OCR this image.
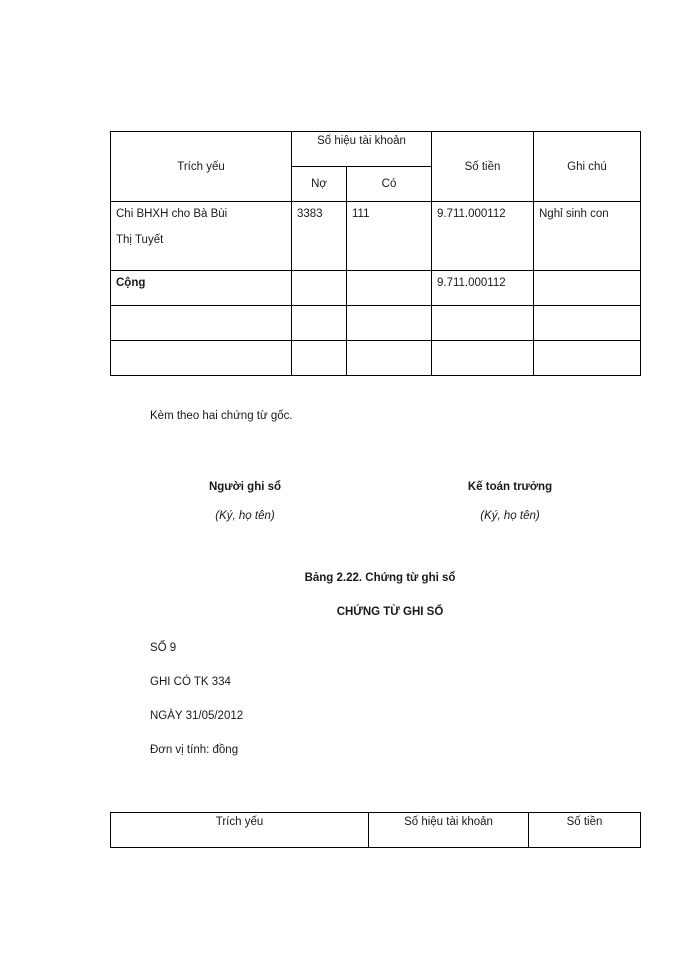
Trích yếu	Số hiệu tài khoản		Số tiền	Ghi chú
	Nợ	Có		
Chi BHXH cho Bà Bùi
Thị Tuyết	3383	111	9.711.000112	Nghỉ sinh con
Cộng			9.711.000112	

Kèm theo hai chứng từ gốc.
Người ghi sổ
(Ký, họ tên)
Kế toán trưởng
(Ký, họ tên)
Bảng 2.22. Chứng từ ghi sổ
CHỨNG TỪ GHI SỔ
SỐ 9
GHI CÓ TK 334
NGÀY 31/05/2012
Đơn vị tính: đồng
Trích yếu	Số hiệu tài khoản	Số tiền
